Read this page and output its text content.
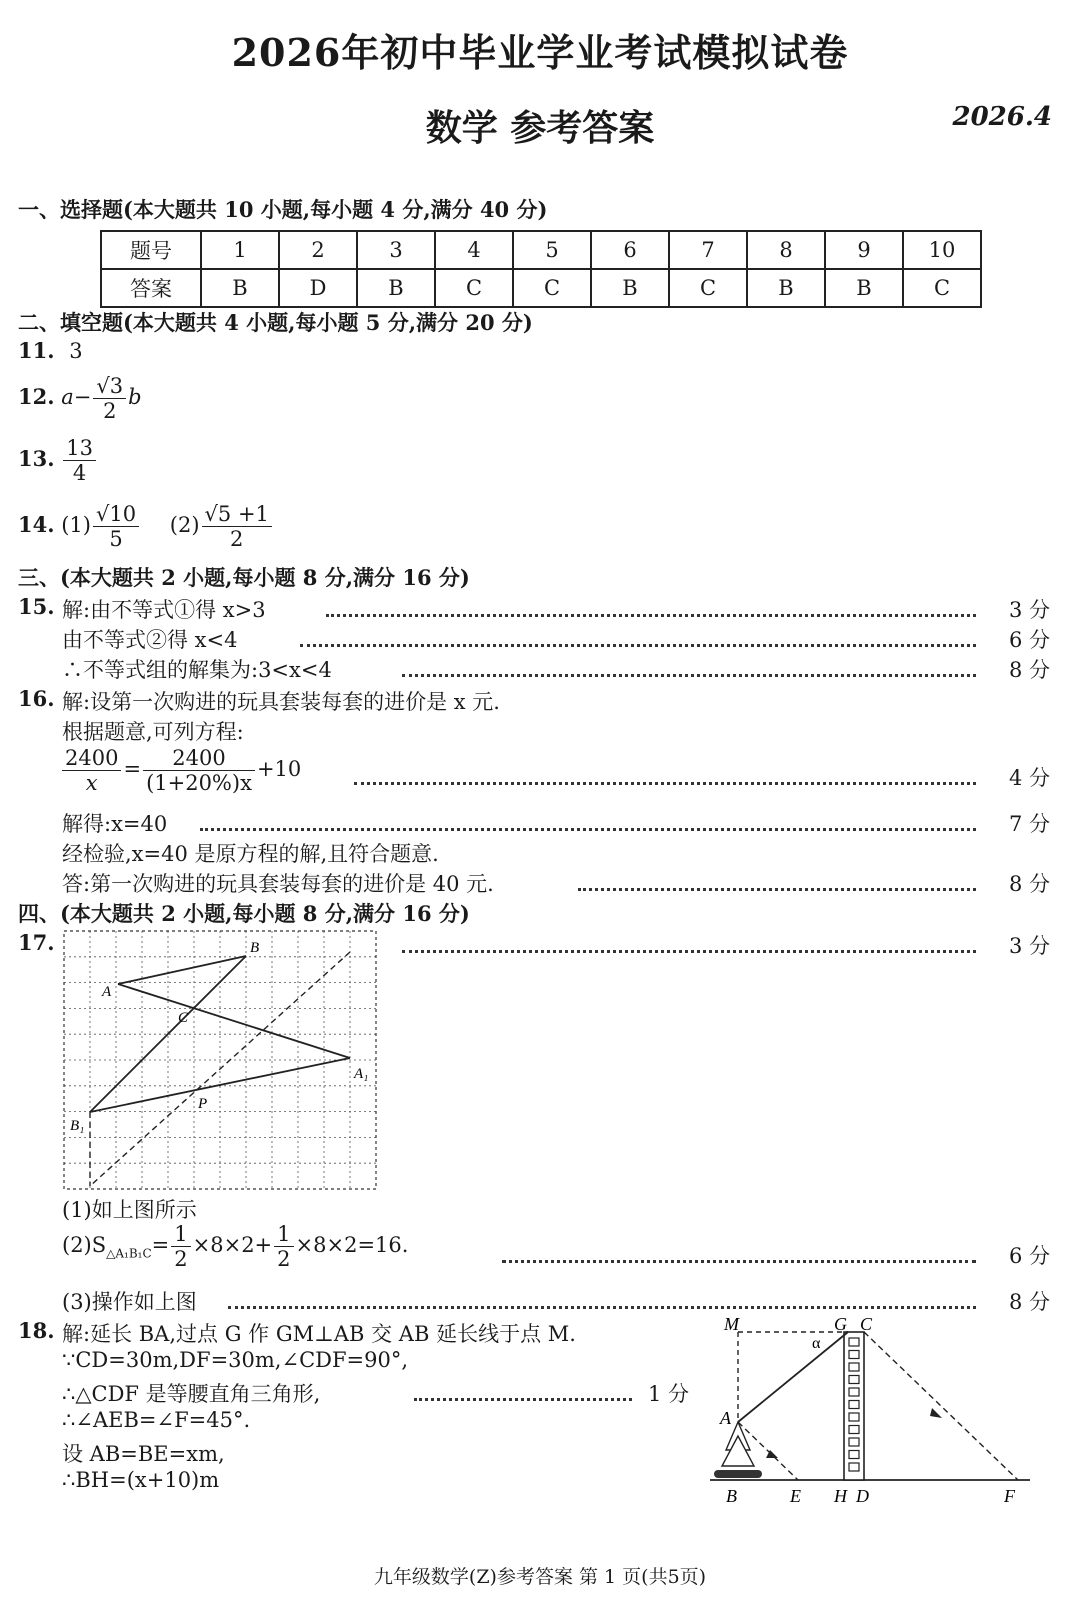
2026年初中毕业学业考试模拟试卷
数学 参考答案	2026.4
一、选择题(本大题共 10 小题,每小题 4 分,满分 40 分)
题号	1	2	3	4	5	6	7	8	9	10
答案	B	D	B	C	C	B	C	B	B	C
二、填空题(本大题共 4 小题,每小题 5 分,满分 20 分)
11. 3
12. $a- \frac{√3}{2}$ b
13. $\frac{13}{4}$
14. $(1) \frac{√10}{5} (2) \frac{√5 +1}{2}$
三、(本大题共 2 小题,每小题 8 分,满分 16 分)
15. 解:由不等式①得 x>3	3 分
由不等式②得 x<4	6 分
∴不等式组的解集为:3<x<4	8 分
16. 解:设第一次购进的玩具套装每套的进价是 x 元.
根据题意,可列方程:
$\frac{2400}{x} = \frac{2400}{(1+20\%)x} +10$	4 分
解得:x=40	7 分
经检验,x=40 是原方程的解,且符合题意.
答:第一次购进的玩具套装每套的进价是 40 元.	8 分
四、(本大题共 2 小题,每小题 8 分,满分 16 分)
17.	3 分
B
A
C
A₁
P
B₁
(1)如上图所示
$(2)S_{\triangle A_1B_1C}= \frac{1}{2} \times 8\times 2+ \frac{1}{2} \times 8\times 2=16$.	6 分
(3)操作如上图	8 分
18. 解:延长 BA,过点 G 作 GM⊥AB 交 AB 延长线于点 M.
∵CD=30m,DF=30m,∠CDF=90°,
∴△CDF 是等腰直角三角形,	1 分
∴∠AEB=∠F=45°.
设 AB=BE=xm,
∴BH=(x+10)m
M	G C
α
A
B	E H D	F
九年级数学(Z)参考答案 第 1 页(共5页)
